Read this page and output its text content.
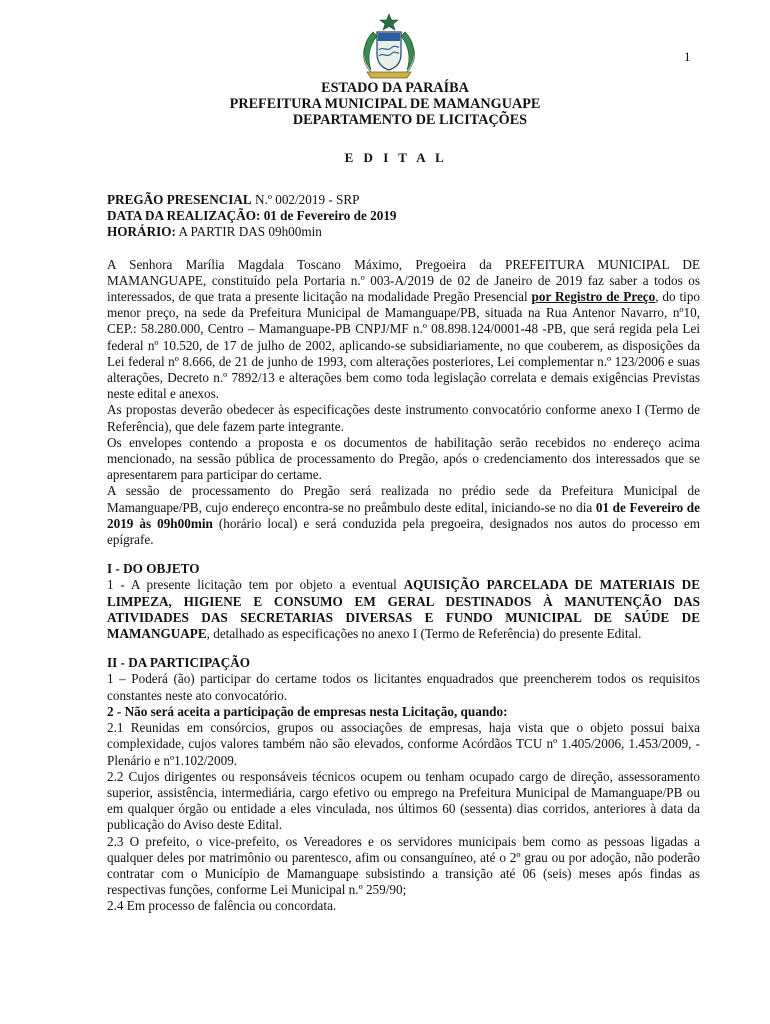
1
ESTADO DA PARAÍBA
PREFEITURA MUNICIPAL DE MAMANGUAPE
DEPARTAMENTO DE LICITAÇÕES
E D I T A L

PREGÃO PRESENCIAL N.º 002/2019 - SRP

DATA DA REALIZAÇÃO: 01 de Fevereiro de 2019

HORÁRIO: A PARTIR DAS 09h00min

A Senhora Marília Magdala Toscano Máximo, Pregoeira da PREFEITURA MUNICIPAL DE MAMANGUAPE, constituído pela Portaria n.º 003-A/2019 de 02 de Janeiro de 2019 faz saber a todos os interessados, de que trata a presente licitação na modalidade Pregão Presencial por Registro de Preço, do tipo menor preço, na sede da Prefeitura Municipal de Mamanguape/PB, situada na Rua Antenor Navarro, nº10, CEP.: 58.280.000, Centro – Mamanguape-PB CNPJ/MF n.º 08.898.124/0001-48 -PB, que será regida pela Lei federal nº 10.520, de 17 de julho de 2002, aplicando-se subsidiariamente, no que couberem, as disposições da Lei federal nº 8.666, de 21 de junho de 1993, com alterações posteriores, Lei complementar n.º 123/2006 e suas alterações, Decreto n.º 7892/13 e alterações bem como toda legislação correlata e demais exigências Previstas neste edital e anexos.

As propostas deverão obedecer às especificações deste instrumento convocatório conforme anexo I (Termo de Referência), que dele fazem parte integrante.

Os envelopes contendo a proposta e os documentos de habilitação serão recebidos no endereço acima mencionado, na sessão pública de processamento do Pregão, após o credenciamento dos interessados que se apresentarem para participar do certame.

A sessão de processamento do Pregão será realizada no prédio sede da Prefeitura Municipal de Mamanguape/PB, cujo endereço encontra-se no preâmbulo deste edital, iniciando-se no dia 01 de Fevereiro de 2019 às 09h00min (horário local) e será conduzida pela pregoeira, designados nos autos do processo em epígrafe.

I - DO OBJETO

1 - A presente licitação tem por objeto a eventual AQUISIÇÃO PARCELADA DE MATERIAIS DE LIMPEZA, HIGIENE E CONSUMO EM GERAL DESTINADOS À MANUTENÇÃO DAS ATIVIDADES DAS SECRETARIAS DIVERSAS E FUNDO MUNICIPAL DE SAÚDE DE MAMANGUAPE, detalhado as especificações no anexo I (Termo de Referência) do presente Edital.

II - DA PARTICIPAÇÃO

1 – Poderá (ão) participar do certame todos os licitantes enquadrados que preencherem todos os requisitos constantes neste ato convocatório.

2 - Não será aceita a participação de empresas nesta Licitação, quando:

2.1 Reunidas em consórcios, grupos ou associações de empresas, haja vista que o objeto possui baixa complexidade, cujos valores também não são elevados, conforme Acórdãos TCU nº 1.405/2006, 1.453/2009, - Plenário e nº1.102/2009.

2.2 Cujos dirigentes ou responsáveis técnicos ocupem ou tenham ocupado cargo de direção, assessoramento superior, assistência, intermediária, cargo efetivo ou emprego na Prefeitura Municipal de Mamanguape/PB ou em qualquer órgão ou entidade a eles vinculada, nos últimos 60 (sessenta) dias corridos, anteriores à data da publicação do Aviso deste Edital.

2.3 O prefeito, o vice-prefeito, os Vereadores e os servidores municipais bem como as pessoas ligadas a qualquer deles por matrimônio ou parentesco, afim ou consanguíneo, até o 2º grau ou por adoção, não poderão contratar com o Município de Mamanguape subsistindo a transição até 06 (seis) meses após findas as respectivas funções, conforme Lei Municipal n.º 259/90;

2.4 Em processo de falência ou concordata.
